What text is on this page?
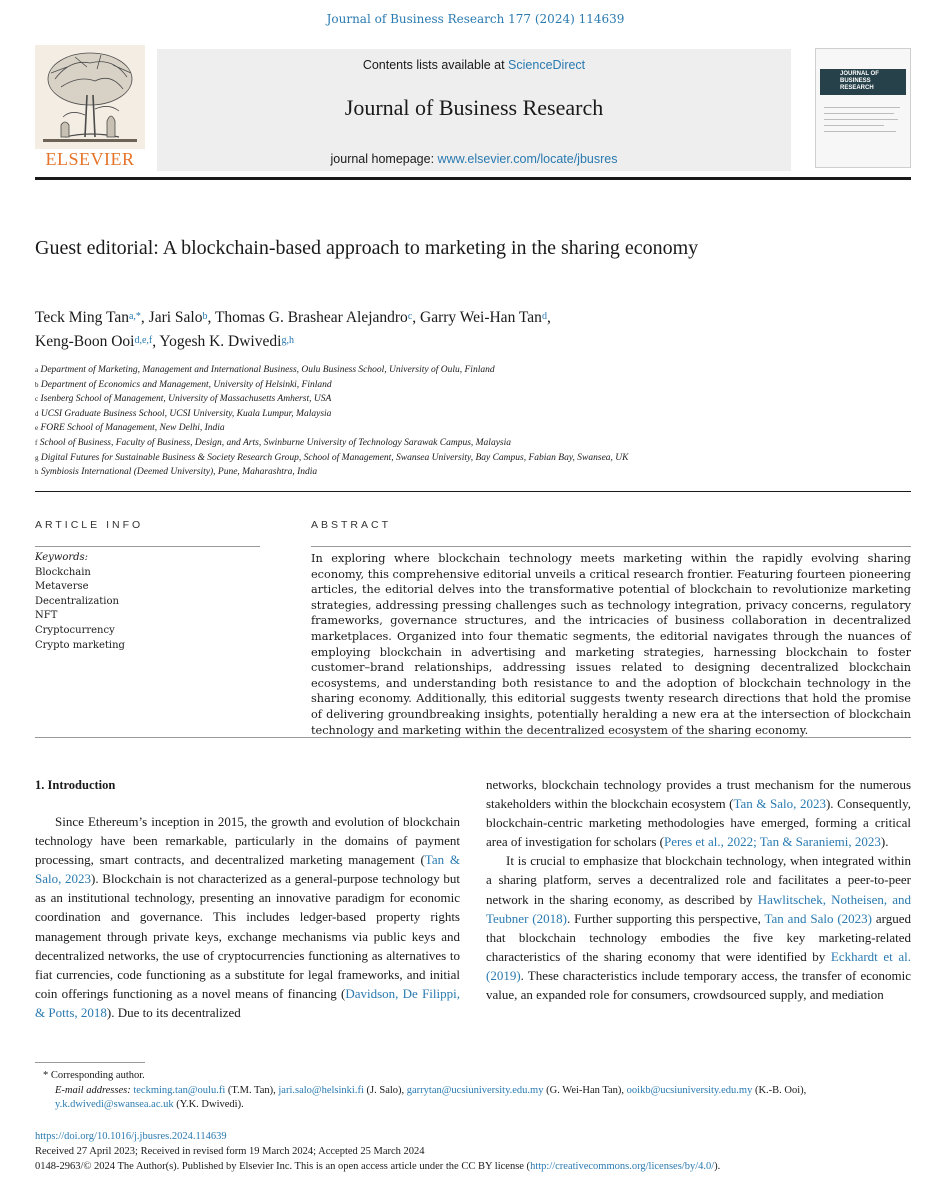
Journal of Business Research 177 (2024) 114639
ELSEVIER
Contents lists available at ScienceDirect
Journal of Business Research
journal homepage: www.elsevier.com/locate/jbusres
JOURNAL OF BUSINESS RESEARCH
Guest editorial: A blockchain-based approach to marketing in the sharing economy
Teck Ming Tan$^{a,*}$, Jari Salo$^b$, Thomas G. Brashear Alejandro$^c$, Garry Wei-Han Tan$^d$,
Keng-Boon Ooi$^{d,e,f}$, Yogesh K. Dwivedi$^{g,h}$
$^a$ Department of Marketing, Management and International Business, Oulu Business School, University of Oulu, Finland
$^b$ Department of Economics and Management, University of Helsinki, Finland
$^c$ Isenberg School of Management, University of Massachusetts Amherst, USA
$^d$ UCSI Graduate Business School, UCSI University, Kuala Lumpur, Malaysia
$^e$ FORE School of Management, New Delhi, India
$^f$ School of Business, Faculty of Business, Design, and Arts, Swinburne University of Technology Sarawak Campus, Malaysia
$^g$ Digital Futures for Sustainable Business & Society Research Group, School of Management, Swansea University, Bay Campus, Fabian Bay, Swansea, UK
$^h$ Symbiosis International (Deemed University), Pune, Maharashtra, India
ARTICLE INFO	ABSTRACT
Keywords:
Blockchain
Metaverse
Decentralization
NFT
Cryptocurrency
Crypto marketing
In exploring where blockchain technology meets marketing within the rapidly evolving sharing economy, this comprehensive editorial unveils a critical research frontier. Featuring fourteen pioneering articles, the editorial delves into the transformative potential of blockchain to revolutionize marketing strategies, addressing pressing challenges such as technology integration, privacy concerns, regulatory frameworks, governance structures, and the intricacies of business collaboration in decentralized marketplaces. Organized into four thematic segments, the editorial navigates through the nuances of employing blockchain in advertising and marketing strategies, harnessing blockchain to foster customer–brand relationships, addressing issues related to designing decentralized blockchain ecosystems, and understanding both resistance to and the adoption of blockchain technology in the sharing economy. Additionally, this editorial suggests twenty research directions that hold the promise of delivering groundbreaking insights, potentially heralding a new era at the intersection of blockchain technology and marketing within the decentralized ecosystem of the sharing economy.
1. Introduction

Since Ethereum’s inception in 2015, the growth and evolution of blockchain technology have been remarkable, particularly in the domains of payment processing, smart contracts, and decentralized marketing management (Tan & Salo, 2023). Blockchain is not characterized as a general-purpose technology but as an institutional technology, presenting an innovative paradigm for economic coordination and governance. This includes ledger-based property rights management through private keys, exchange mechanisms via public keys and decentralized networks, the use of cryptocurrencies functioning as alternatives to fiat currencies, code functioning as a substitute for legal frameworks, and initial coin offerings functioning as a novel means of financing (Davidson, De Filippi, & Potts, 2018). Due to its decentralized

networks, blockchain technology provides a trust mechanism for the numerous stakeholders within the blockchain ecosystem (Tan & Salo, 2023). Consequently, blockchain-centric marketing methodologies have emerged, forming a critical area of investigation for scholars (Peres et al., 2022; Tan & Saraniemi, 2023).

It is crucial to emphasize that blockchain technology, when integrated within a sharing platform, serves a decentralized role and facilitates a peer-to-peer network in the sharing economy, as described by Hawlitschek, Notheisen, and Teubner (2018). Further supporting this perspective, Tan and Salo (2023) argued that blockchain technology embodies the five key marketing-related characteristics of the sharing economy that were identified by Eckhardt et al. (2019). These characteristics include temporary access, the transfer of economic value, an expanded role for consumers, crowdsourced supply, and mediation

* Corresponding author.
E-mail addresses: teckming.tan@oulu.fi (T.M. Tan), jari.salo@helsinki.fi (J. Salo), garrytan@ucsiuniversity.edu.my (G. Wei-Han Tan), ooikb@ucsiuniversity.edu.my (K.-B. Ooi), y.k.dwivedi@swansea.ac.uk (Y.K. Dwivedi).
https://doi.org/10.1016/j.jbusres.2024.114639
Received 27 April 2023; Received in revised form 19 March 2024; Accepted 25 March 2024
0148-2963/© 2024 The Author(s). Published by Elsevier Inc. This is an open access article under the CC BY license (http://creativecommons.org/licenses/by/4.0/).
